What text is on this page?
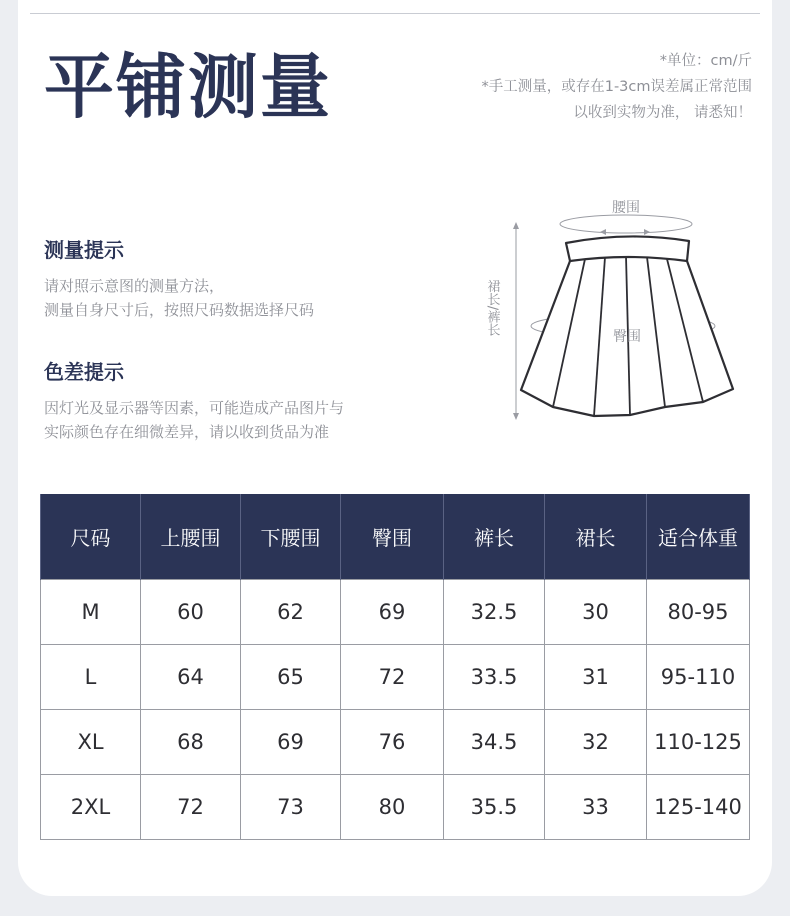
平铺测量	*单位：cm/斤
*手工测量，或存在1-3cm误差属正常范围
以收到实物为准， 请悉知！
测量提示
请对照示意图的测量方法，
测量自身尺寸后，按照尺码数据选择尺码
色差提示
因灯光及显示器等因素，可能造成产品图片与
实际颜色存在细微差异，请以收到货品为准
腰围
臀围
裙长/裤长
尺码	上腰围	下腰围	臀围	裤长	裙长	适合体重
M	60	62	69	32.5	30	80-95
L	64	65	72	33.5	31	95-110
XL	68	69	76	34.5	32	110-125
2XL	72	73	80	35.5	33	125-140
